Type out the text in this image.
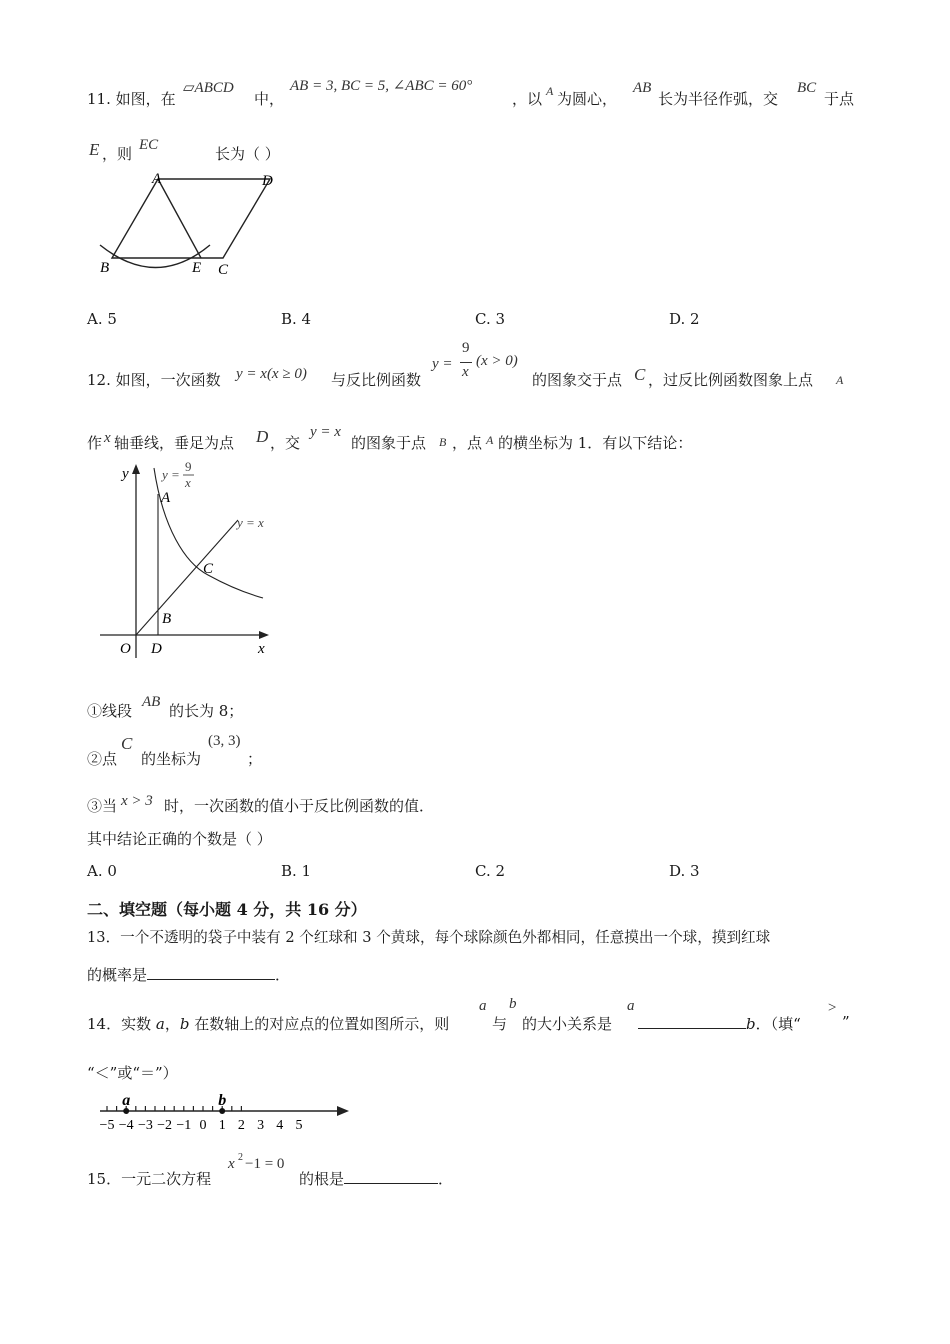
11. 如图，在
▱ABCD
中，
AB = 3, BC = 5, ∠ABC = 60°
，以 A 为圆心，
AB
长为半径作弧，交
BC
于点
E ，则 EC	长为（ ）
A	D
B	E C
A. 5	B. 4	C. 3	D. 2
12. 如图，一次函数 y = x(x ≥ 0) 与反比例函数
y =
9
x
(x > 0)
的图象交于点 C ，过反比例函数图象上点 A
作 x 轴垂线，垂足为点 D ，交
y = x
的图象于点 B ，点 A 的横坐标为 1．有以下结论：
y
x
O D
A
B
C
y =
9
x
y = x
①线段 AB 的长为 8；
②点
C
的坐标为
(3, 3)
；
③当 x > 3 时，一次函数的值小于反比例函数的值．
其中结论正确的个数是（ ）
A. 0	B. 1	C. 2	D. 3
二、填空题（每小题 4 分，共 16 分）
13．一个不透明的袋子中装有 2 个红球和 3 个黄球，每个球除颜色外都相同，任意摸出一个球，摸到红球
的概率是	．
14．实数 a，b 在数轴上的对应点的位置如图所示，则
a
与
b
的大小关系是
a
b．（填“
>
”
“＜”或“＝”）
−5 −4 −3 −2 −1 0 1 2 3 4 5
a	b
15．一元二次方程
x 2 −1 = 0
的根是	．
